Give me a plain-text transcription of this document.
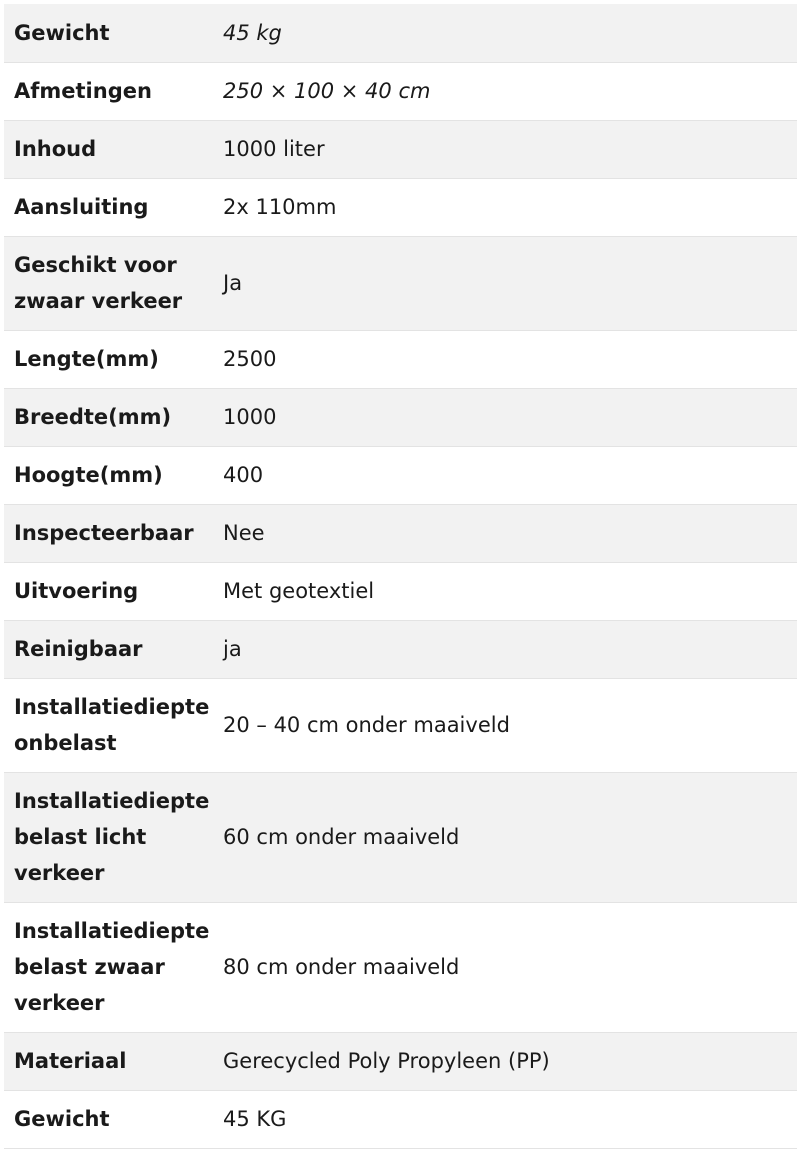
Gewicht	45 kg
Afmetingen	250 × 100 × 40 cm
Inhoud	1000 liter
Aansluiting	2x 110mm
Geschikt voor zwaar verkeer	Ja
Lengte(mm)	2500
Breedte(mm)	1000
Hoogte(mm)	400
Inspecteerbaar	Nee
Uitvoering	Met geotextiel
Reinigbaar	ja
Installatiediepte onbelast	20 – 40 cm onder maaiveld
Installatiediepte belast licht verkeer	60 cm onder maaiveld
Installatiediepte belast zwaar verkeer	80 cm onder maaiveld
Materiaal	Gerecycled Poly Propyleen (PP)
Gewicht	45 KG
